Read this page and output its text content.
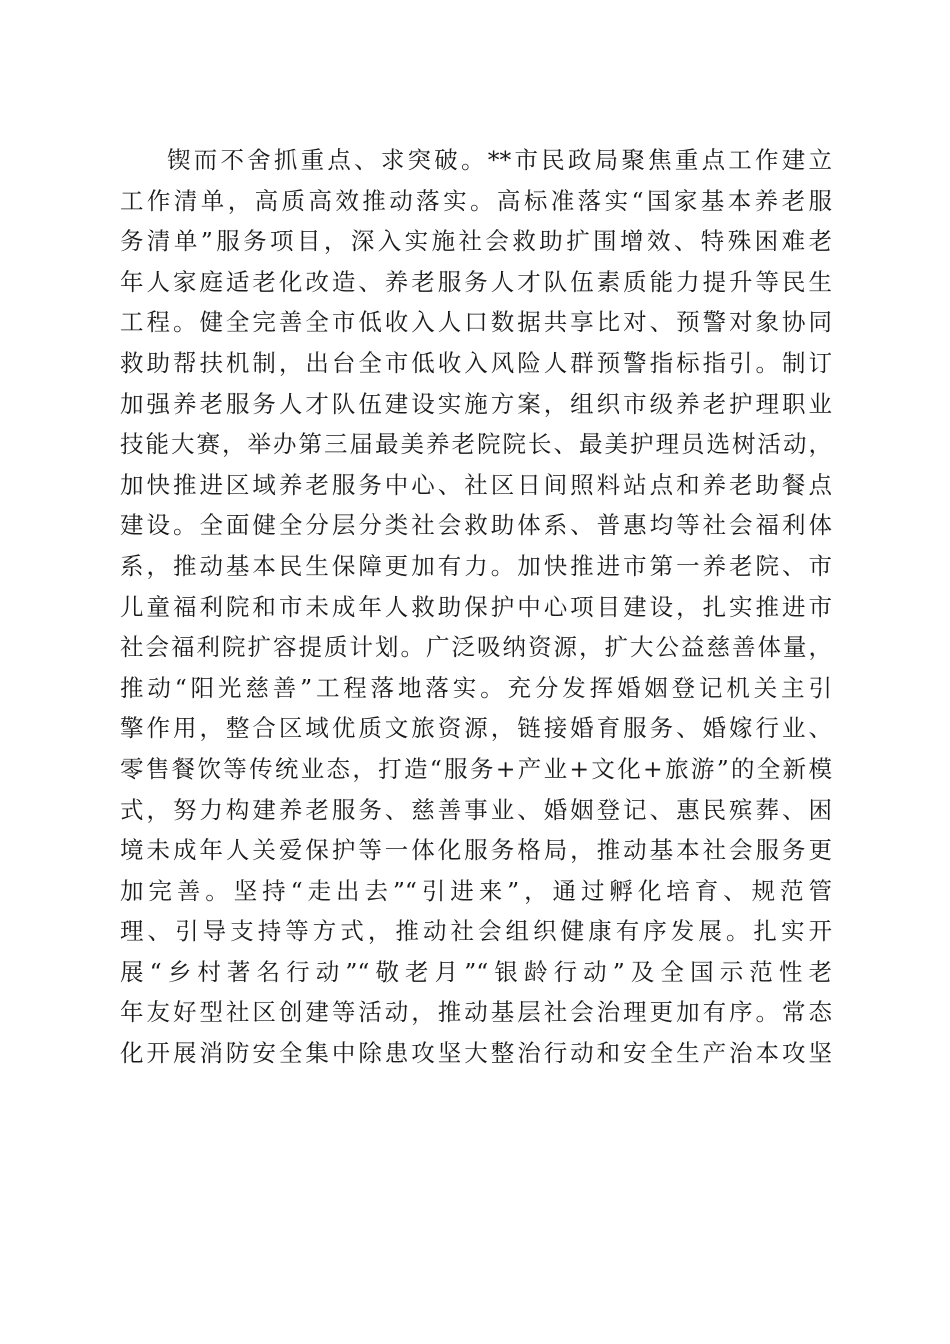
锲而不舍抓重点、求突破。**市民政局聚焦重点工作建立
工作清单，高质高效推动落实。高标准落实“国家基本养老服
务清单”服务项目，深入实施社会救助扩围增效、特殊困难老
年人家庭适老化改造、养老服务人才队伍素质能力提升等民生
工程。健全完善全市低收入人口数据共享比对、预警对象协同
救助帮扶机制，出台全市低收入风险人群预警指标指引。制订
加强养老服务人才队伍建设实施方案，组织市级养老护理职业
技能大赛，举办第三届最美养老院院长、最美护理员选树活动，
加快推进区域养老服务中心、社区日间照料站点和养老助餐点
建设。全面健全分层分类社会救助体系、普惠均等社会福利体
系，推动基本民生保障更加有力。加快推进市第一养老院、市
儿童福利院和市未成年人救助保护中心项目建设，扎实推进市
社会福利院扩容提质计划。广泛吸纳资源，扩大公益慈善体量，
推动“阳光慈善”工程落地落实。充分发挥婚姻登记机关主引
擎作用，整合区域优质文旅资源，链接婚育服务、婚嫁行业、
零售餐饮等传统业态，打造“服务+产业+文化+旅游”的全新模
式，努力构建养老服务、慈善事业、婚姻登记、惠民殡葬、困
境未成年人关爱保护等一体化服务格局，推动基本社会服务更
加完善。坚持“走出去”“引进来”，通过孵化培育、规范管
理、引导支持等方式，推动社会组织健康有序发展。扎实开
展“乡村著名行动”“敬老月”“银龄行动”及全国示范性老
年友好型社区创建等活动，推动基层社会治理更加有序。常态
化开展消防安全集中除患攻坚大整治行动和安全生产治本攻坚
